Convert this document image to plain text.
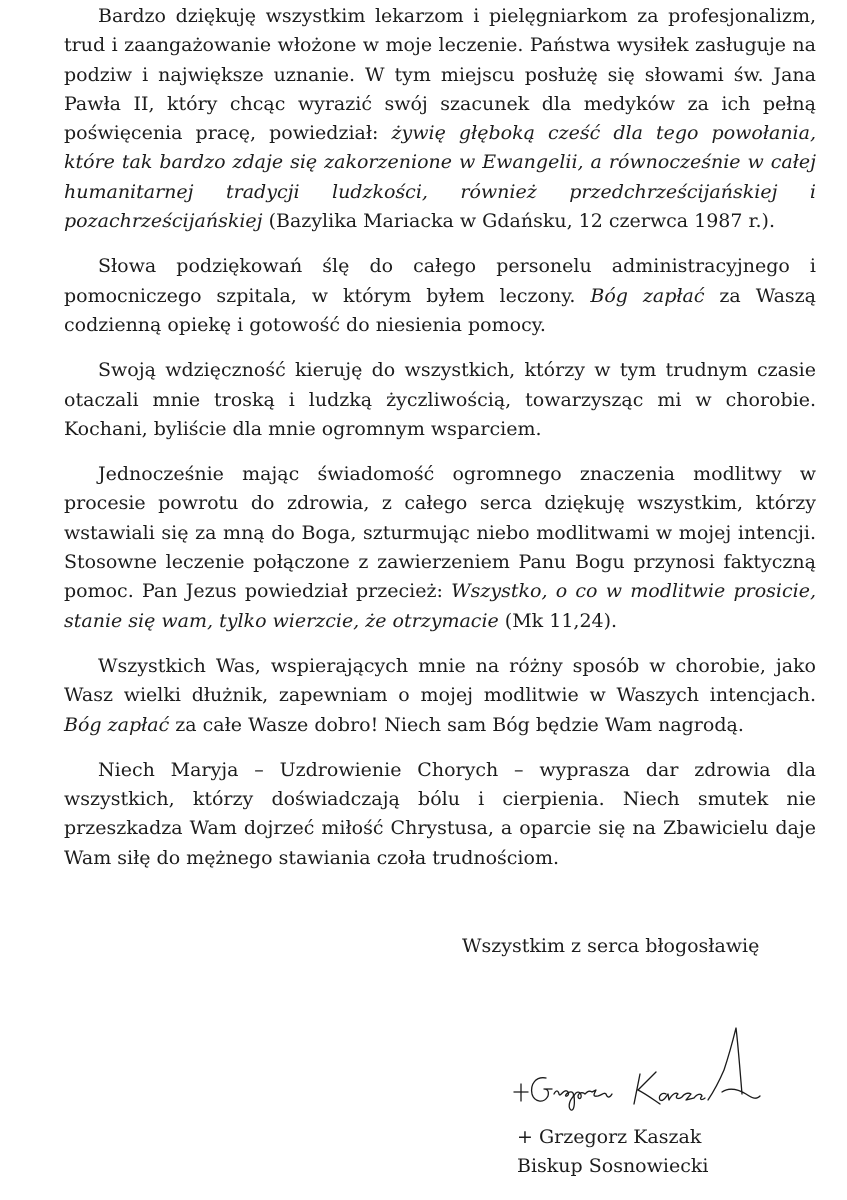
Bardzo dziękuję wszystkim lekarzom i pielęgniarkom za profesjonalizm, trud i zaangażowanie włożone w moje leczenie. Państwa wysiłek zasługuje na podziw i największe uznanie. W tym miejscu posłużę się słowami św. Jana Pawła II, który chcąc wyrazić swój szacunek dla medyków za ich pełną poświęcenia pracę, powiedział: żywię głęboką cześć dla tego powołania, które tak bardzo zdaje się zakorzenione w Ewangelii, a równocześnie w całej humanitarnej tradycji ludzkości, również przedchrześcijańskiej i pozachrześcijańskiej (Bazylika Mariacka w Gdańsku, 12 czerwca 1987 r.).

Słowa podziękowań ślę do całego personelu administracyjnego i pomocniczego szpitala, w którym byłem leczony. Bóg zapłać za Waszą codzienną opiekę i gotowość do niesienia pomocy.

Swoją wdzięczność kieruję do wszystkich, którzy w tym trudnym czasie otaczali mnie troską i ludzką życzliwością, towarzysząc mi w chorobie. Kochani, byliście dla mnie ogromnym wsparciem.

Jednocześnie mając świadomość ogromnego znaczenia modlitwy w procesie powrotu do zdrowia, z całego serca dziękuję wszystkim, którzy wstawiali się za mną do Boga, szturmując niebo modlitwami w mojej intencji. Stosowne leczenie połączone z zawierzeniem Panu Bogu przynosi faktyczną pomoc. Pan Jezus powiedział przecież: Wszystko, o co w modlitwie prosicie, stanie się wam, tylko wierzcie, że otrzymacie (Mk 11,24).

Wszystkich Was, wspierających mnie na różny sposób w chorobie, jako Wasz wielki dłużnik, zapewniam o mojej modlitwie w Waszych intencjach. Bóg zapłać za całe Wasze dobro! Niech sam Bóg będzie Wam nagrodą.

Niech Maryja – Uzdrowienie Chorych – wyprasza dar zdrowia dla wszystkich, którzy doświadczają bólu i cierpienia. Niech smutek nie przeszkadza Wam dojrzeć miłość Chrystusa, a oparcie się na Zbawicielu daje Wam siłę do mężnego stawiania czoła trudnościom.

Wszystkim z serca błogosławię
+ Grzegorz Kaszak
Biskup Sosnowiecki
